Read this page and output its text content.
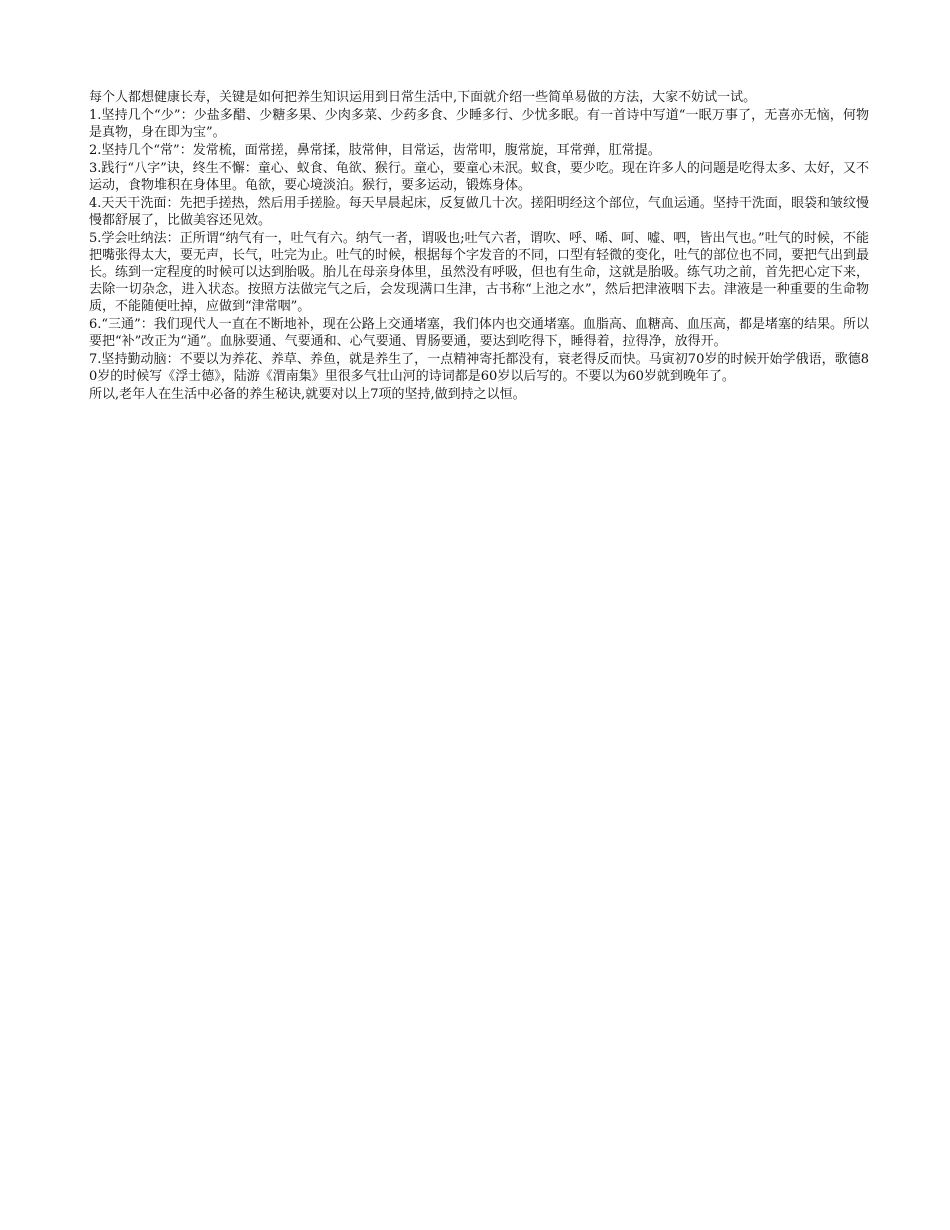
每个人都想健康长寿，关键是如何把养生知识运用到日常生活中,下面就介绍一些简单易做的方法，大家不妨试一试。

1.坚持几个“少”：少盐多醋、少糖多果、少肉多菜、少药多食、少睡多行、少忧多眠。有一首诗中写道“一眠万事了，无喜亦无恼，何物是真物，身在即为宝”。

2.坚持几个“常”：发常梳，面常搓，鼻常揉，肢常伸，目常运，齿常叩，腹常旋，耳常弹，肛常提。

3.践行“八字”诀，终生不懈：童心、蚁食、龟欲、猴行。童心，要童心未泯。蚁食，要少吃。现在许多人的问题是吃得太多、太好，又不运动，食物堆积在身体里。龟欲，要心境淡泊。猴行，要多运动，锻炼身体。

4.天天干洗面：先把手搓热，然后用手搓脸。每天早晨起床，反复做几十次。搓阳明经这个部位，气血运通。坚持干洗面，眼袋和皱纹慢慢都舒展了，比做美容还见效。

5.学会吐纳法：正所谓“纳气有一，吐气有六。纳气一者，谓吸也;吐气六者，谓吹、呼、唏、呵、嘘、呬，皆出气也。”吐气的时候，不能把嘴张得太大，要无声，长气，吐完为止。吐气的时候，根据每个字发音的不同，口型有轻微的变化，吐气的部位也不同，要把气出到最长。练到一定程度的时候可以达到胎吸。胎儿在母亲身体里，虽然没有呼吸，但也有生命，这就是胎吸。练气功之前，首先把心定下来，去除一切杂念，进入状态。按照方法做完气之后，会发现满口生津，古书称“上池之水”，然后把津液咽下去。津液是一种重要的生命物质，不能随便吐掉，应做到“津常咽”。

6.“三通”：我们现代人一直在不断地补，现在公路上交通堵塞，我们体内也交通堵塞。血脂高、血糖高、血压高，都是堵塞的结果。所以要把“补”改正为“通”。血脉要通、气要通和、心气要通、胃肠要通，要达到吃得下，睡得着，拉得净，放得开。

7.坚持勤动脑：不要以为养花、养草、养鱼，就是养生了，一点精神寄托都没有，衰老得反而快。马寅初70岁的时候开始学俄语，歌德80岁的时候写《浮士德》，陆游《渭南集》里很多气壮山河的诗词都是60岁以后写的。不要以为60岁就到晚年了。

所以,老年人在生活中必备的养生秘诀,就要对以上7项的坚持,做到持之以恒。
